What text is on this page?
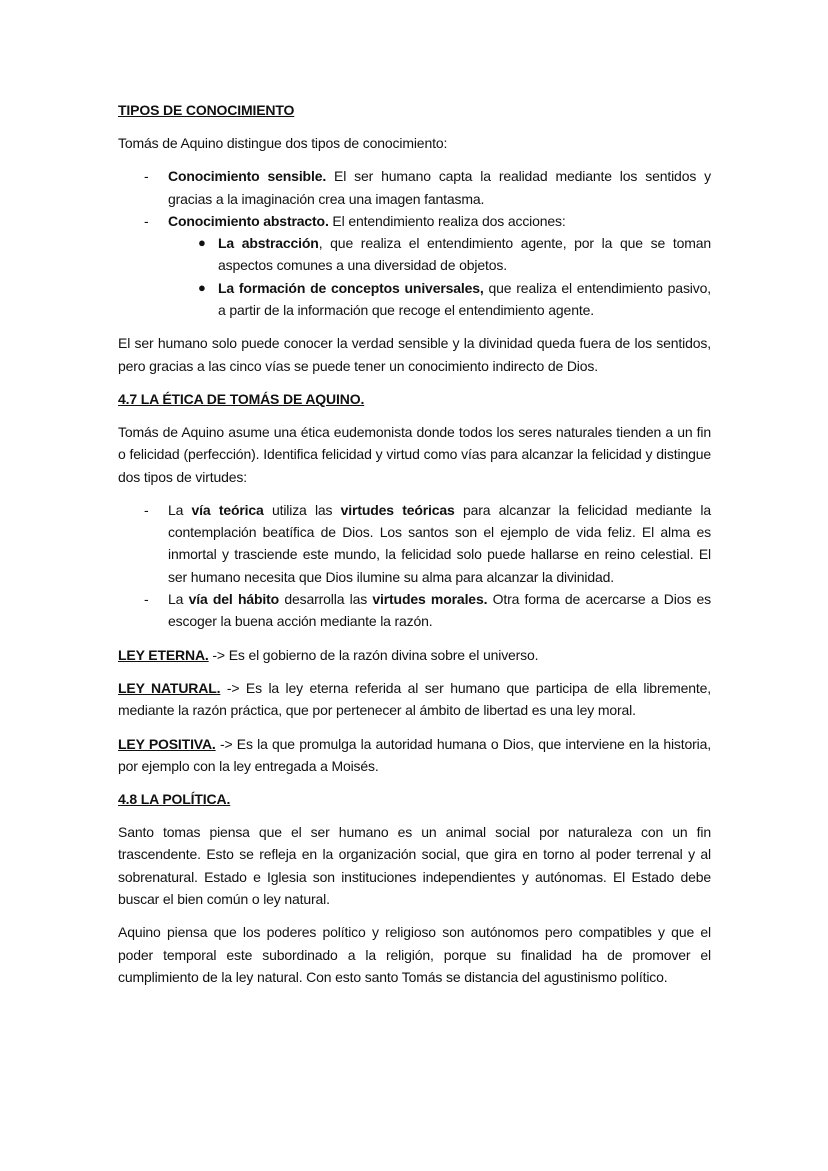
TIPOS DE CONOCIMIENTO

Tomás de Aquino distingue dos tipos de conocimiento:

- Conocimiento sensible. El ser humano capta la realidad mediante los sentidos y gracias a la imaginación crea una imagen fantasma.
- Conocimiento abstracto. El entendimiento realiza dos acciones:
● La abstracción, que realiza el entendimiento agente, por la que se toman aspectos comunes a una diversidad de objetos.
● La formación de conceptos universales, que realiza el entendimiento pasivo, a partir de la información que recoge el entendimiento agente.

El ser humano solo puede conocer la verdad sensible y la divinidad queda fuera de los sentidos, pero gracias a las cinco vías se puede tener un conocimiento indirecto de Dios.

4.7 LA ÉTICA DE TOMÁS DE AQUINO.

Tomás de Aquino asume una ética eudemonista donde todos los seres naturales tienden a un fin o felicidad (perfección). Identifica felicidad y virtud como vías para alcanzar la felicidad y distingue dos tipos de virtudes:

- La vía teórica utiliza las virtudes teóricas para alcanzar la felicidad mediante la contemplación beatífica de Dios. Los santos son el ejemplo de vida feliz. El alma es inmortal y trasciende este mundo, la felicidad solo puede hallarse en reino celestial. El ser humano necesita que Dios ilumine su alma para alcanzar la divinidad.
- La vía del hábito desarrolla las virtudes morales. Otra forma de acercarse a Dios es escoger la buena acción mediante la razón.

LEY ETERNA. -> Es el gobierno de la razón divina sobre el universo.

LEY NATURAL. -> Es la ley eterna referida al ser humano que participa de ella libremente, mediante la razón práctica, que por pertenecer al ámbito de libertad es una ley moral.

LEY POSITIVA. -> Es la que promulga la autoridad humana o Dios, que interviene en la historia, por ejemplo con la ley entregada a Moisés.

4.8 LA POLÍTICA.

Santo tomas piensa que el ser humano es un animal social por naturaleza con un fin trascendente. Esto se refleja en la organización social, que gira en torno al poder terrenal y al sobrenatural. Estado e Iglesia son instituciones independientes y autónomas. El Estado debe buscar el bien común o ley natural.

Aquino piensa que los poderes político y religioso son autónomos pero compatibles y que el poder temporal este subordinado a la religión, porque su finalidad ha de promover el cumplimiento de la ley natural. Con esto santo Tomás se distancia del agustinismo político.
